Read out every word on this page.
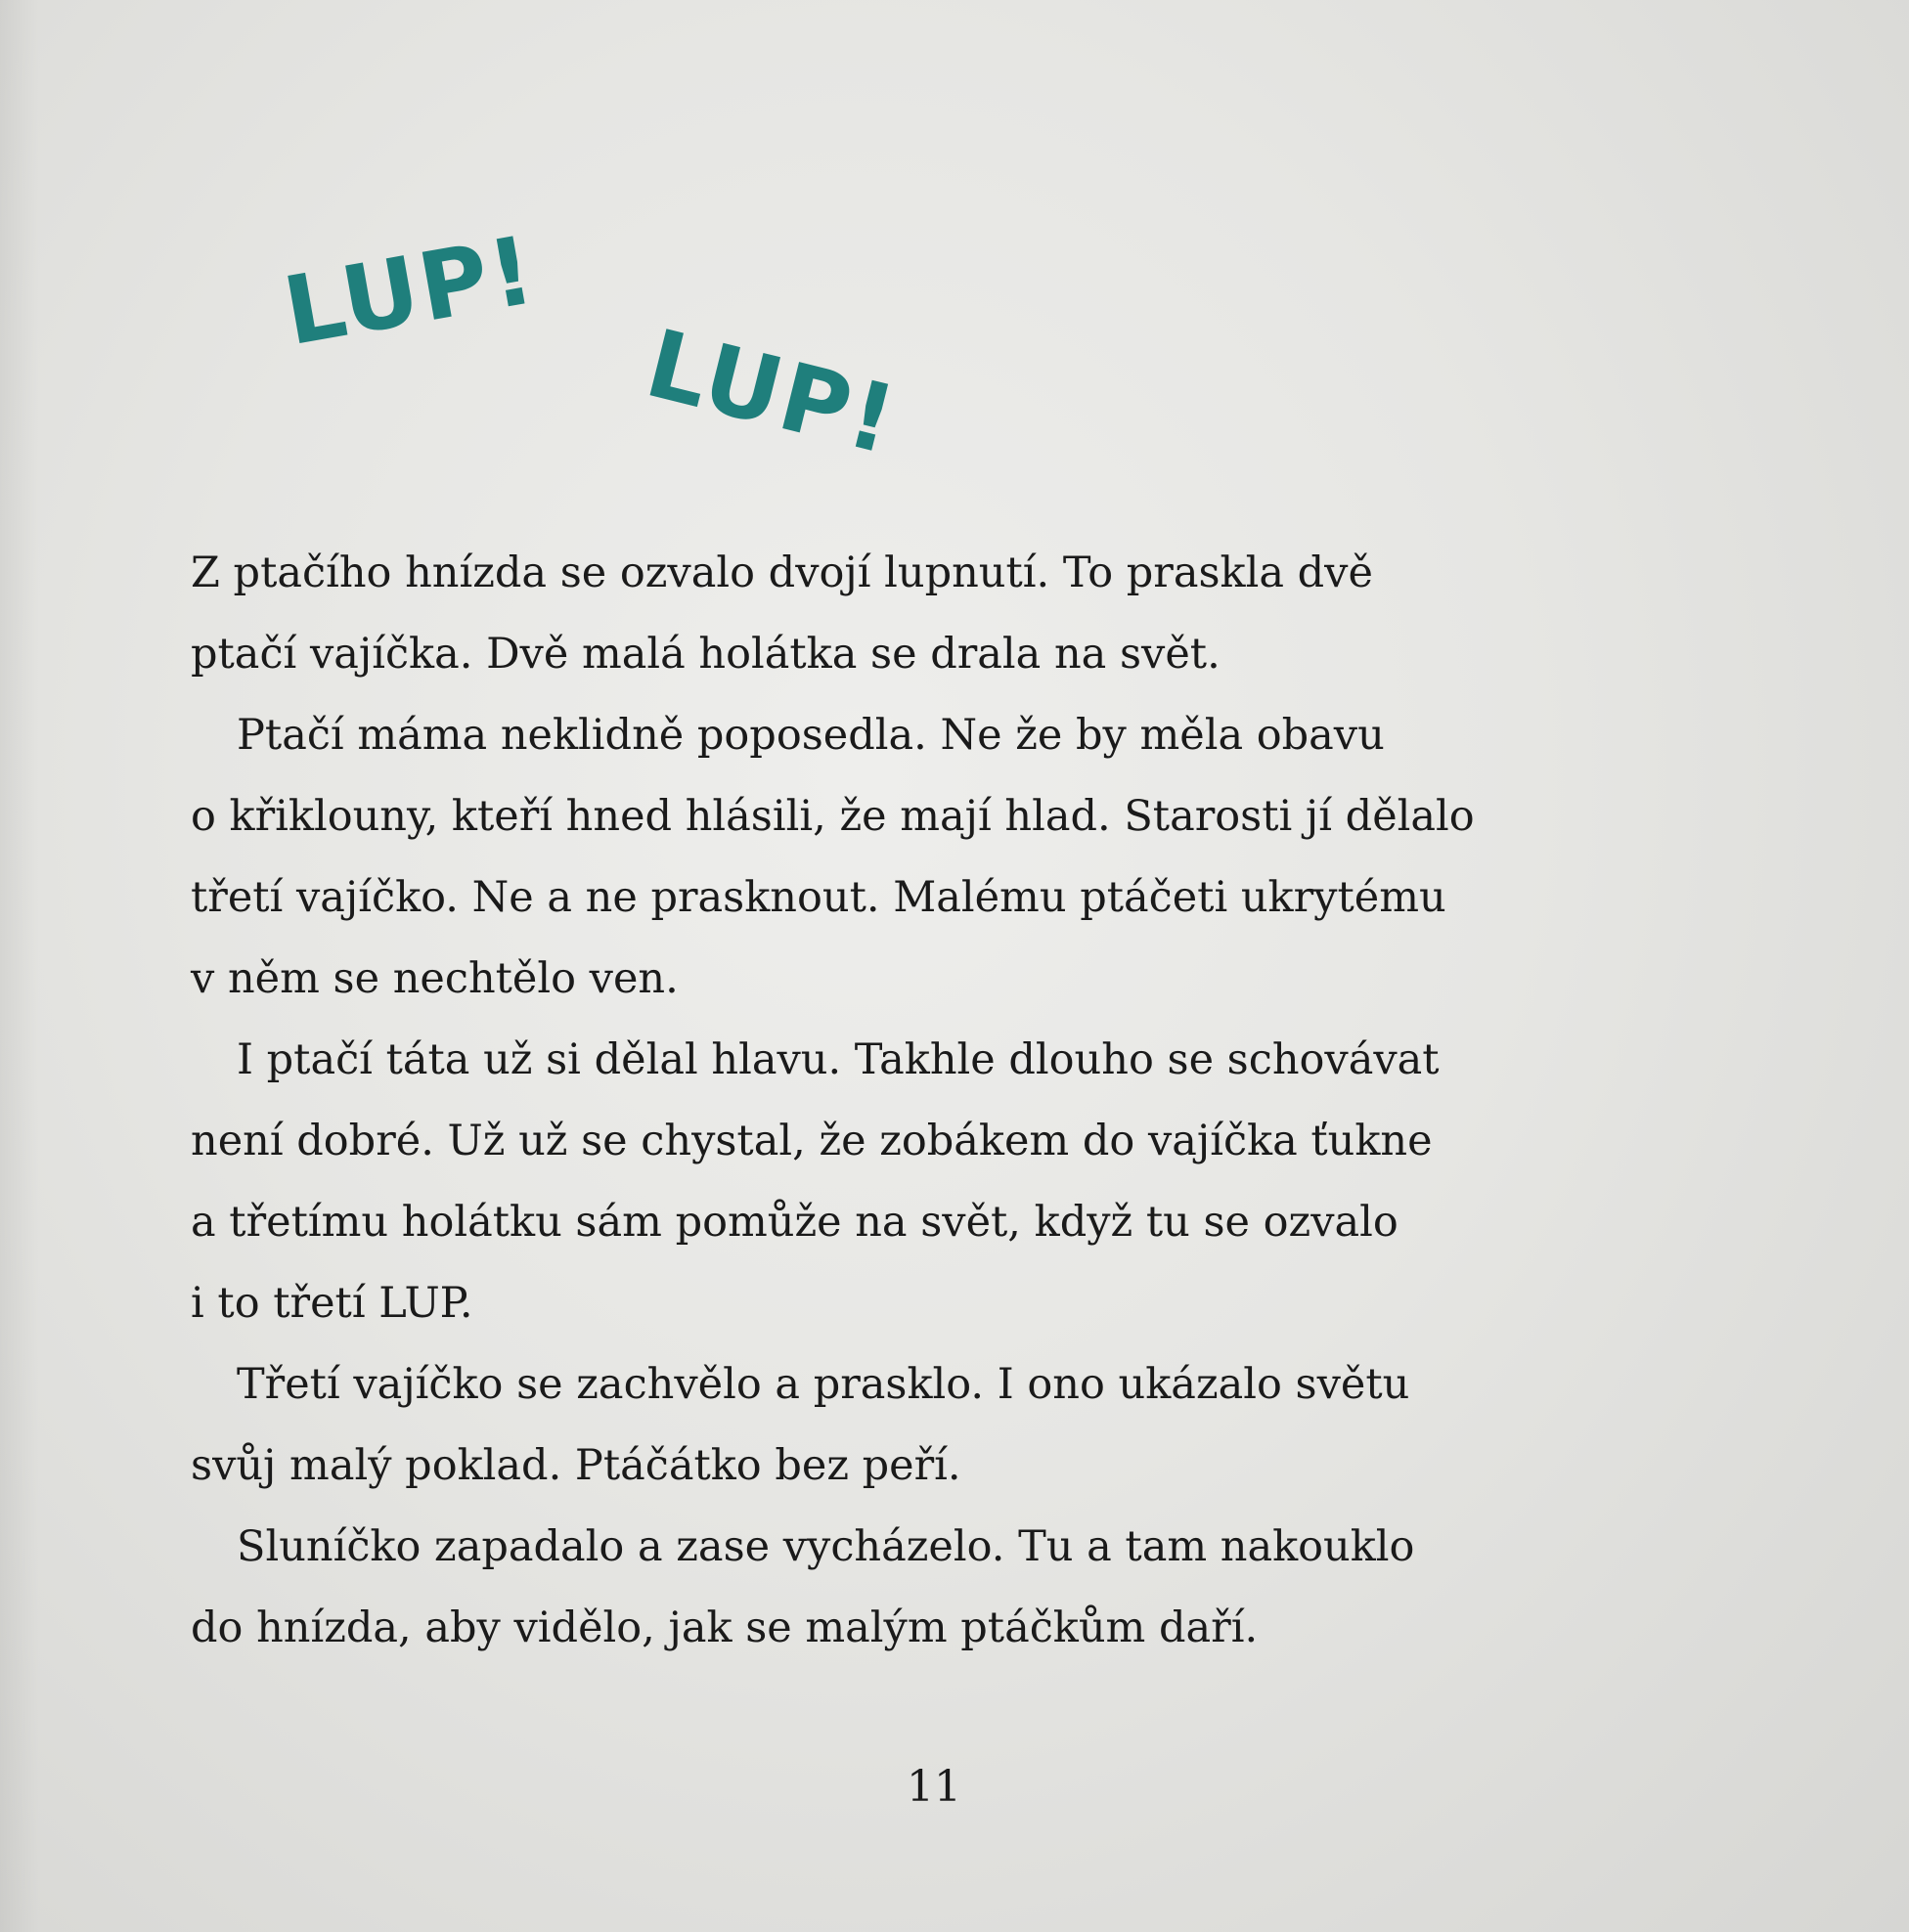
LUP!
LUP!
Z ptačího hnízda se ozvalo dvojí lupnutí. To praskla dvě
ptačí vajíčka. Dvě malá holátka se drala na svět.
Ptačí máma neklidně poposedla. Ne že by měla obavu
o křiklouny, kteří hned hlásili, že mají hlad. Starosti jí dělalo
třetí vajíčko. Ne a ne prasknout. Malému ptáčeti ukrytému
v něm se nechtělo ven.
I ptačí táta už si dělal hlavu. Takhle dlouho se schovávat
není dobré. Už už se chystal, že zobákem do vajíčka ťukne
a třetímu holátku sám pomůže na svět, když tu se ozvalo
i to třetí LUP.
Třetí vajíčko se zachvělo a prasklo. I ono ukázalo světu
svůj malý poklad. Ptáčátko bez peří.
Sluníčko zapadalo a zase vycházelo. Tu a tam nakouklo
do hnízda, aby vidělo, jak se malým ptáčkům daří.
11
